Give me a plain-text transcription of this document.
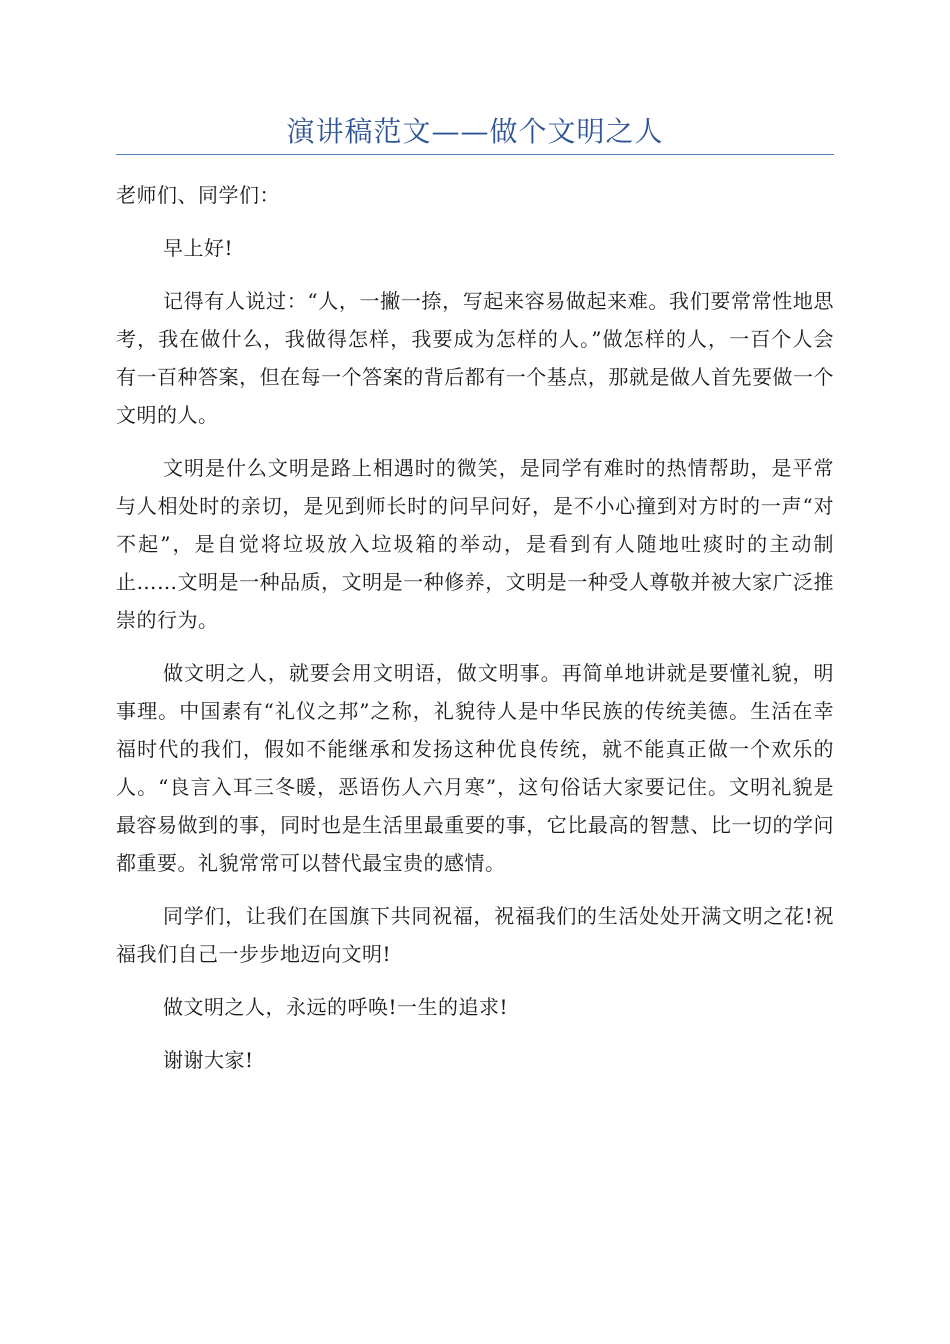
演讲稿范文——做个文明之人

老师们、同学们：

早上好!

记得有人说过：“人，一撇一捺，写起来容易做起来难。我们要常常性地思考，我在做什么，我做得怎样，我要成为怎样的人。”做怎样的人，一百个人会有一百种答案，但在每一个答案的背后都有一个基点，那就是做人首先要做一个文明的人。

文明是什么文明是路上相遇时的微笑，是同学有难时的热情帮助，是平常与人相处时的亲切，是见到师长时的问早问好，是不小心撞到对方时的一声“对不起”，是自觉将垃圾放入垃圾箱的举动，是看到有人随地吐痰时的主动制止……文明是一种品质，文明是一种修养，文明是一种受人尊敬并被大家广泛推崇的行为。

做文明之人，就要会用文明语，做文明事。再简单地讲就是要懂礼貌，明事理。中国素有“礼仪之邦”之称，礼貌待人是中华民族的传统美德。生活在幸福时代的我们，假如不能继承和发扬这种优良传统，就不能真正做一个欢乐的人。“良言入耳三冬暖，恶语伤人六月寒”，这句俗话大家要记住。文明礼貌是最容易做到的事，同时也是生活里最重要的事，它比最高的智慧、比一切的学问都重要。礼貌常常可以替代最宝贵的感情。

同学们，让我们在国旗下共同祝福，祝福我们的生活处处开满文明之花!祝福我们自己一步步地迈向文明!

做文明之人，永远的呼唤!一生的追求!

谢谢大家!
